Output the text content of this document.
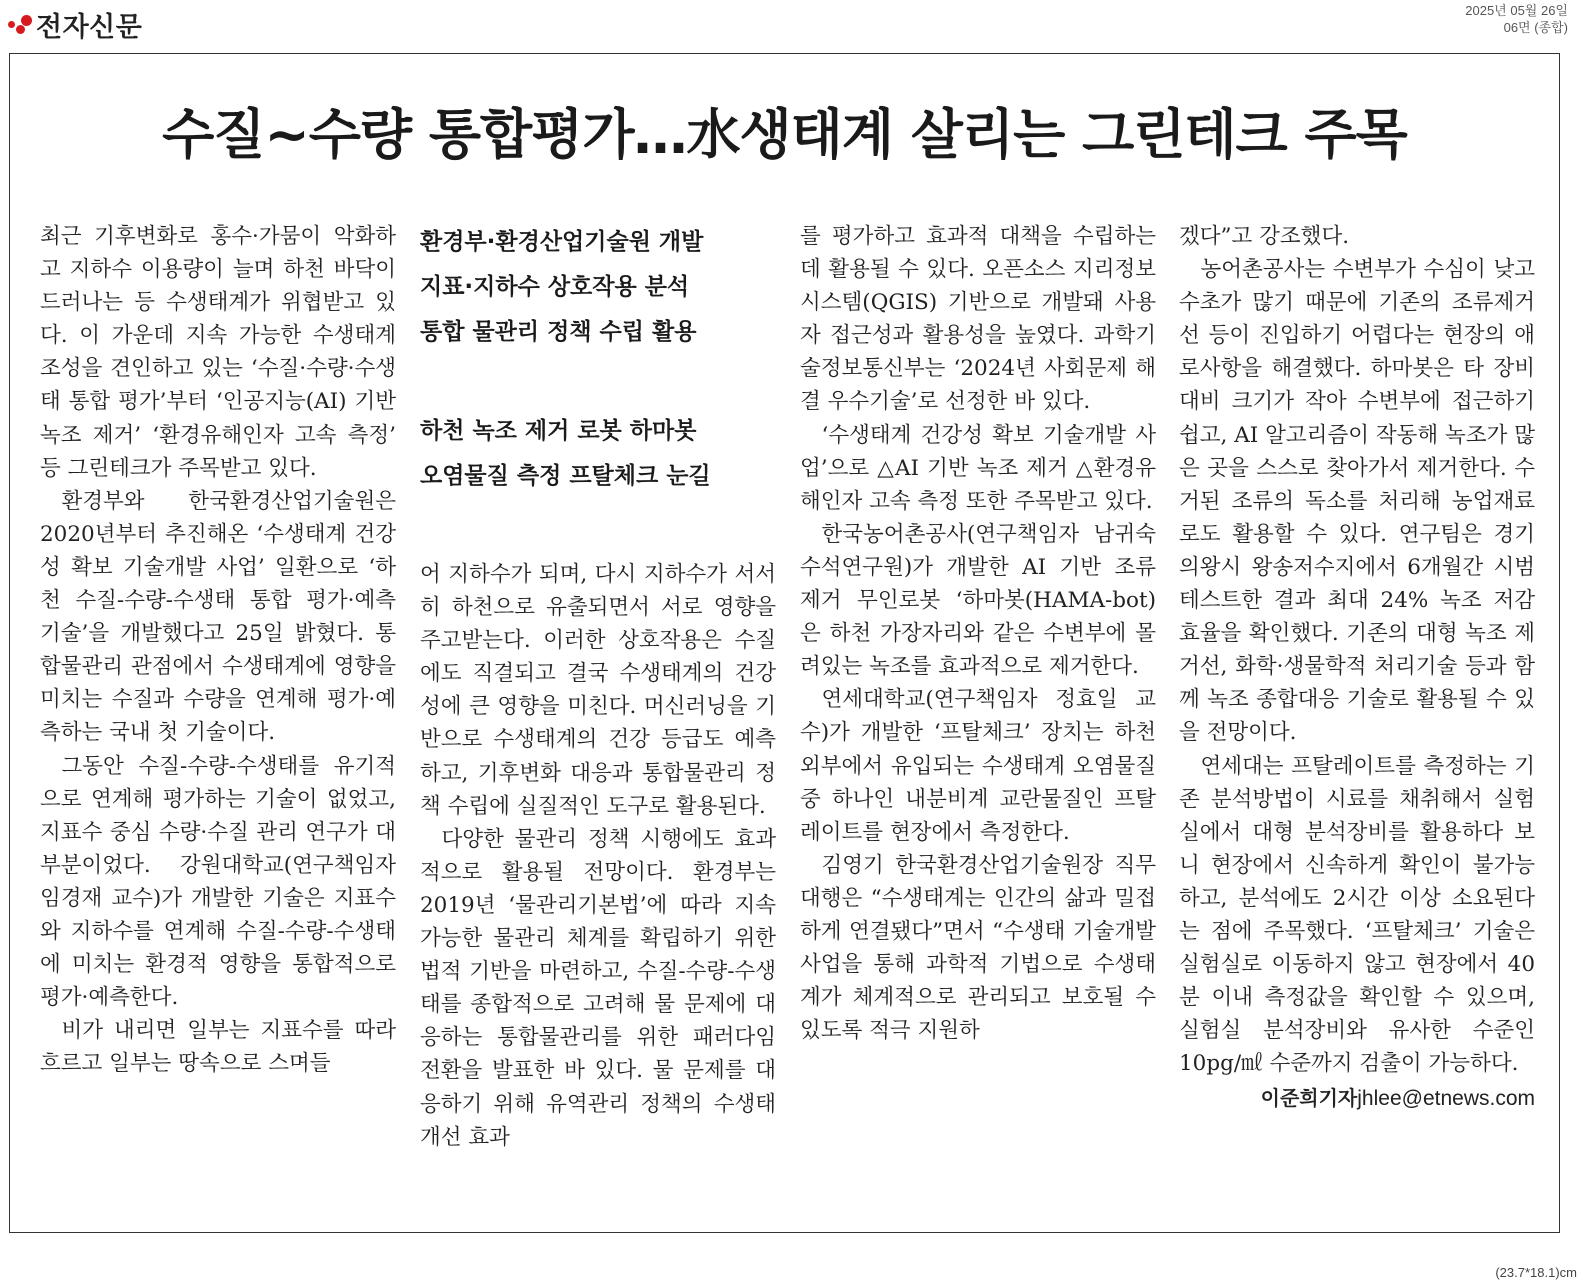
전자신문
2025년 05월 26일
06면 (종합)
수질~수량 통합평가…水생태계 살리는 그린테크 주목

최근 기후변화로 홍수·가뭄이 악화하고 지하수 이용량이 늘며 하천 바닥이 드러나는 등 수생태계가 위협받고 있다. 이 가운데 지속 가능한 수생태계 조성을 견인하고 있는 ‘수질·수량·수생태 통합 평가’부터 ‘인공지능(AI) 기반 녹조 제거’ ‘환경유해인자 고속 측정’ 등 그린테크가 주목받고 있다.

환경부와 한국환경산업기술원은 2020년부터 추진해온 ‘수생태계 건강성 확보 기술개발 사업’ 일환으로 ‘하천 수질-수량-수생태 통합 평가·예측 기술’을 개발했다고 25일 밝혔다. 통합물관리 관점에서 수생태계에 영향을 미치는 수질과 수량을 연계해 평가·예측하는 국내 첫 기술이다.

그동안 수질-수량-수생태를 유기적으로 연계해 평가하는 기술이 없었고, 지표수 중심 수량·수질 관리 연구가 대부분이었다. 강원대학교(연구책임자 임경재 교수)가 개발한 기술은 지표수와 지하수를 연계해 수질-수량-수생태에 미치는 환경적 영향을 통합적으로 평가·예측한다.

비가 내리면 일부는 지표수를 따라 흐르고 일부는 땅속으로 스며들

환경부·환경산업기술원 개발
지표·지하수 상호작용 분석
통합 물관리 정책 수립 활용
하천 녹조 제거 로봇 하마봇
오염물질 측정 프탈체크 눈길

어 지하수가 되며, 다시 지하수가 서서히 하천으로 유출되면서 서로 영향을 주고받는다. 이러한 상호작용은 수질에도 직결되고 결국 수생태계의 건강성에 큰 영향을 미친다. 머신러닝을 기반으로 수생태계의 건강 등급도 예측하고, 기후변화 대응과 통합물관리 정책 수립에 실질적인 도구로 활용된다.

다양한 물관리 정책 시행에도 효과적으로 활용될 전망이다. 환경부는 2019년 ‘물관리기본법’에 따라 지속가능한 물관리 체계를 확립하기 위한 법적 기반을 마련하고, 수질-수량-수생태를 종합적으로 고려해 물 문제에 대응하는 통합물관리를 위한 패러다임 전환을 발표한 바 있다. 물 문제를 대응하기 위해 유역관리 정책의 수생태 개선 효과

를 평가하고 효과적 대책을 수립하는 데 활용될 수 있다. 오픈소스 지리정보시스템(QGIS) 기반으로 개발돼 사용자 접근성과 활용성을 높였다. 과학기술정보통신부는 ‘2024년 사회문제 해결 우수기술’로 선정한 바 있다.

‘수생태계 건강성 확보 기술개발 사업’으로 △AI 기반 녹조 제거 △환경유해인자 고속 측정 또한 주목받고 있다.

한국농어촌공사(연구책임자 남귀숙 수석연구원)가 개발한 AI 기반 조류 제거 무인로봇 ‘하마봇(HAMA-bot)은 하천 가장자리와 같은 수변부에 몰려있는 녹조를 효과적으로 제거한다.

연세대학교(연구책임자 정효일 교수)가 개발한 ‘프탈체크’ 장치는 하천 외부에서 유입되는 수생태계 오염물질 중 하나인 내분비계 교란물질인 프탈레이트를 현장에서 측정한다.

김영기 한국환경산업기술원장 직무대행은 “수생태계는 인간의 삶과 밀접하게 연결됐다”면서 “수생태 기술개발사업을 통해 과학적 기법으로 수생태계가 체계적으로 관리되고 보호될 수 있도록 적극 지원하

겠다”고 강조했다.

농어촌공사는 수변부가 수심이 낮고 수초가 많기 때문에 기존의 조류제거선 등이 진입하기 어렵다는 현장의 애로사항을 해결했다. 하마봇은 타 장비 대비 크기가 작아 수변부에 접근하기 쉽고, AI 알고리즘이 작동해 녹조가 많은 곳을 스스로 찾아가서 제거한다. 수거된 조류의 독소를 처리해 농업재료로도 활용할 수 있다. 연구팀은 경기 의왕시 왕송저수지에서 6개월간 시범 테스트한 결과 최대 24% 녹조 저감 효율을 확인했다. 기존의 대형 녹조 제거선, 화학·생물학적 처리기술 등과 함께 녹조 종합대응 기술로 활용될 수 있을 전망이다.

연세대는 프탈레이트를 측정하는 기존 분석방법이 시료를 채취해서 실험실에서 대형 분석장비를 활용하다 보니 현장에서 신속하게 확인이 불가능하고, 분석에도 2시간 이상 소요된다는 점에 주목했다. ‘프탈체크’ 기술은 실험실로 이동하지 않고 현장에서 40분 이내 측정값을 확인할 수 있으며, 실험실 분석장비와 유사한 수준인 10pg/㎖ 수준까지 검출이 가능하다.

이준희기자jhlee@etnews.com
(23.7*18.1)cm
